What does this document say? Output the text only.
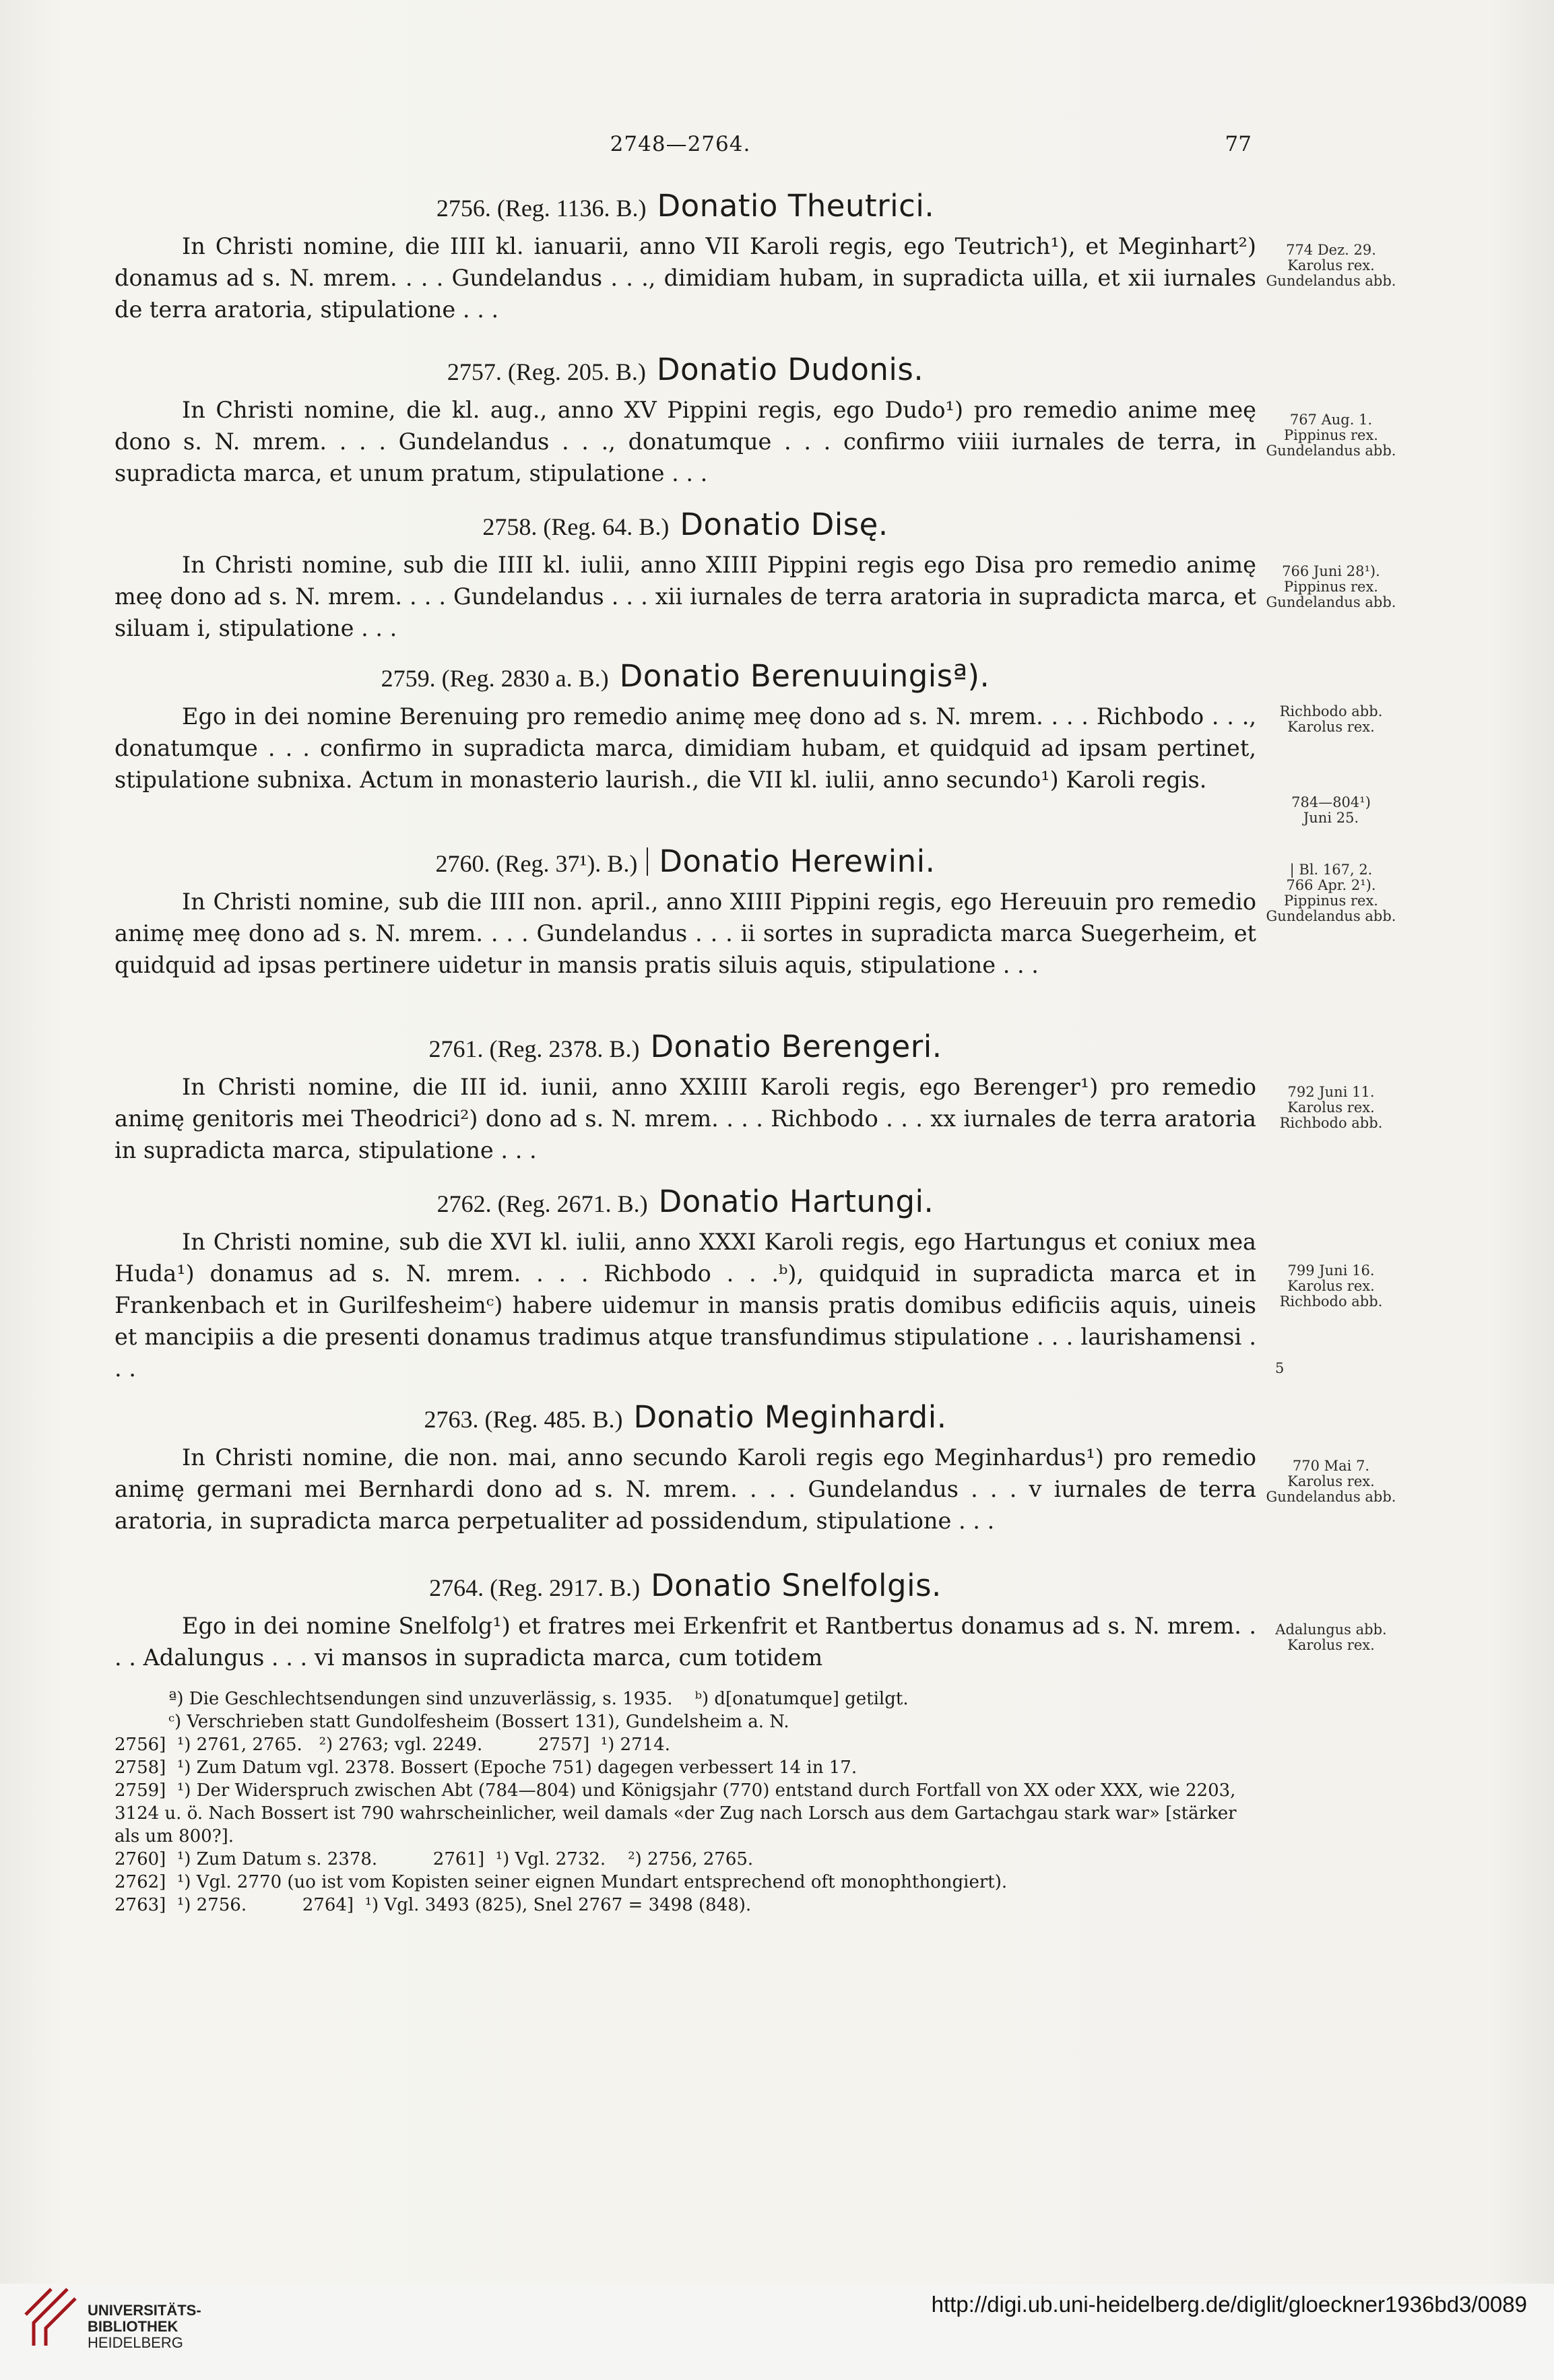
2748—2764.	77
2756. (Reg. 1136. B.) Donatio Theutrici.

In Christi nomine, die IIII kl. ianuarii, anno VII Karoli regis, ego Teutrich¹), et Meginhart²) donamus ad s. N. mrem. . . . Gundelandus . . ., dimidiam hubam, in supradicta uilla, et xii iurnales de terra aratoria, stipulatione . . .

774 Dez. 29.
Karolus rex.
Gundelandus abb.
2757. (Reg. 205. B.) Donatio Dudonis.

In Christi nomine, die kl. aug., anno XV Pippini regis, ego Dudo¹) pro remedio anime meę dono s. N. mrem. . . . Gundelandus . . ., donatumque . . . confirmo viiii iurnales de terra, in supradicta marca, et unum pratum, stipulatione . . .

767 Aug. 1.
Pippinus rex.
Gundelandus abb.
2758. (Reg. 64. B.) Donatio Disę.

In Christi nomine, sub die IIII kl. iulii, anno XIIII Pippini regis ego Disa pro remedio animę meę dono ad s. N. mrem. . . . Gundelandus . . . xii iurnales de terra aratoria in supradicta marca, et siluam i, stipulatione . . .

766 Juni 28¹).
Pippinus rex.
Gundelandus abb.
2759. (Reg. 2830 a. B.) Donatio Berenuuingisª).

Ego in dei nomine Berenuing pro remedio animę meę dono ad s. N. mrem. . . . Richbodo . . ., donatumque . . . confirmo in supradicta marca, dimidiam hubam, et quidquid ad ipsam pertinet, stipulatione subnixa. Actum in monasterio laurish., die VII kl. iulii, anno secundo¹) Karoli regis.

Richbodo abb.
Karolus rex.
784—804¹)
Juni 25.
2760. (Reg. 37¹). B.) Donatio Herewini.

In Christi nomine, sub die IIII non. april., anno XIIII Pippini regis, ego Hereuuin pro remedio animę meę dono ad s. N. mrem. . . . Gundelandus . . . ii sortes in supradicta marca Suegerheim, et quidquid ad ipsas pertinere uidetur in mansis pratis siluis aquis, stipulatione . . .

| Bl. 167, 2.
766 Apr. 2¹).
Pippinus rex.
Gundelandus abb.
2761. (Reg. 2378. B.) Donatio Berengeri.

In Christi nomine, die III id. iunii, anno XXIIII Karoli regis, ego Berenger¹) pro remedio animę genitoris mei Theodrici²) dono ad s. N. mrem. . . . Richbodo . . . xx iurnales de terra aratoria in supradicta marca, stipulatione . . .

792 Juni 11.
Karolus rex.
Richbodo abb.
2762. (Reg. 2671. B.) Donatio Hartungi.

In Christi nomine, sub die XVI kl. iulii, anno XXXI Karoli regis, ego Hartungus et coniux mea Huda¹) donamus ad s. N. mrem. . . . Richbodo . . .ᵇ), quidquid in supradicta marca et in Frankenbach et in Gurilfesheimᶜ) habere uidemur in mansis pratis domibus edificiis aquis, uineis et mancipiis a die presenti donamus tradimus atque transfundimus stipulatione . . . laurishamensi . . .

799 Juni 16.
Karolus rex.
Richbodo abb.
5
2763. (Reg. 485. B.) Donatio Meginhardi.

In Christi nomine, die non. mai, anno secundo Karoli regis ego Meginhardus¹) pro remedio animę germani mei Bernhardi dono ad s. N. mrem. . . . Gundelandus . . . v iurnales de terra aratoria, in supradicta marca perpetualiter ad possidendum, stipulatione . . .

770 Mai 7.
Karolus rex.
Gundelandus abb.
2764. (Reg. 2917. B.) Donatio Snelfolgis.

Ego in dei nomine Snelfolg¹) et fratres mei Erkenfrit et Rantbertus donamus ad s. N. mrem. . . . Adalungus . . . vi mansos in supradicta marca, cum totidem

Adalungus abb.
Karolus rex.
ª) Die Geschlechtsendungen sind unzuverlässig, s. 1935. ᵇ) d[onatumque] getilgt.
ᶜ) Verschrieben statt Gundolfesheim (Bossert 131), Gundelsheim a. N.
2756]  ¹) 2761, 2765.   ²) 2763; vgl. 2249.          2757]  ¹) 2714.
2758]  ¹) Zum Datum vgl. 2378. Bossert (Epoche 751) dagegen verbessert 14 in 17.
2759]  ¹) Der Widerspruch zwischen Abt (784—804) und Königsjahr (770) entstand durch Fortfall von XX oder XXX, wie 2203, 3124 u. ö. Nach Bossert ist 790 wahrscheinlicher, weil damals «der Zug nach Lorsch aus dem Gartachgau stark war» [stärker als um 800?].
2760]  ¹) Zum Datum s. 2378.          2761]  ¹) Vgl. 2732.    ²) 2756, 2765.
2762]  ¹) Vgl. 2770 (uo ist vom Kopisten seiner eignen Mundart entsprechend oft monophthongiert).
2763]  ¹) 2756.          2764]  ¹) Vgl. 3493 (825), Snel 2767 = 3498 (848).
UNIVERSITÄTS-
BIBLIOTHEK
HEIDELBERG
http://digi.ub.uni-heidelberg.de/diglit/gloeckner1936bd3/0089
